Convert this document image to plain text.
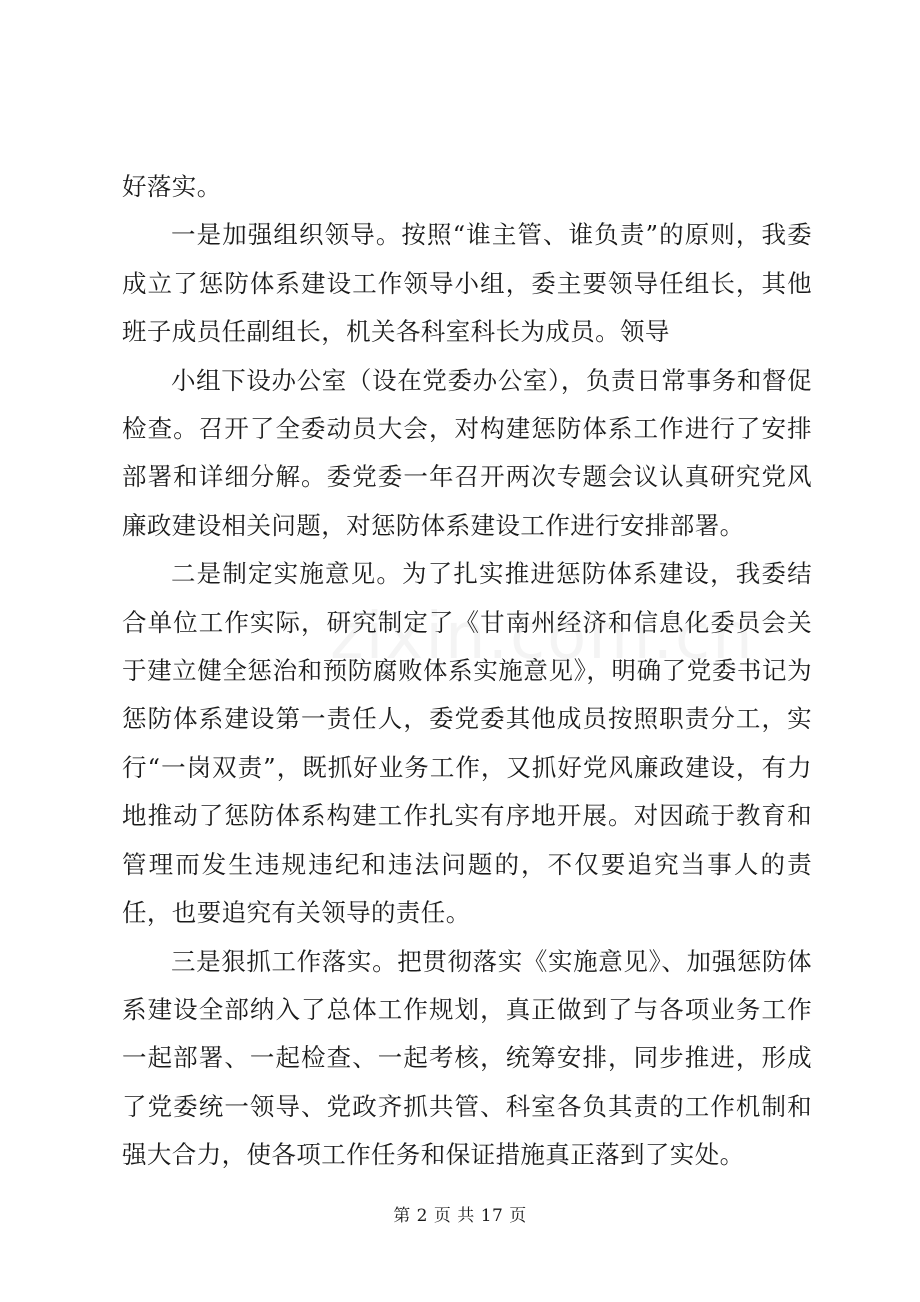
好落实。

一是加强组织领导。按照“谁主管、谁负责”的原则，我委成立了惩防体系建设工作领导小组，委主要领导任组长，其他班子成员任副组长，机关各科室科长为成员。领导

小组下设办公室（设在党委办公室），负责日常事务和督促检查。召开了全委动员大会，对构建惩防体系工作进行了安排部署和详细分解。委党委一年召开两次专题会议认真研究党风廉政建设相关问题，对惩防体系建设工作进行安排部署。

二是制定实施意见。为了扎实推进惩防体系建设，我委结合单位工作实际，研究制定了《甘南州经济和信息化委员会关于建立健全惩治和预防腐败体系实施意见》，明确了党委书记为惩防体系建设第一责任人，委党委其他成员按照职责分工，实行“一岗双责”，既抓好业务工作，又抓好党风廉政建设，有力地推动了惩防体系构建工作扎实有序地开展。对因疏于教育和管理而发生违规违纪和违法问题的，不仅要追究当事人的责任，也要追究有关领导的责任。

三是狠抓工作落实。把贯彻落实《实施意见》、加强惩防体系建设全部纳入了总体工作规划，真正做到了与各项业务工作一起部署、一起检查、一起考核，统筹安排，同步推进，形成了党委统一领导、党政齐抓共管、科室各负其责的工作机制和强大合力，使各项工作任务和保证措施真正落到了实处。

第 2 页 共 17 页
